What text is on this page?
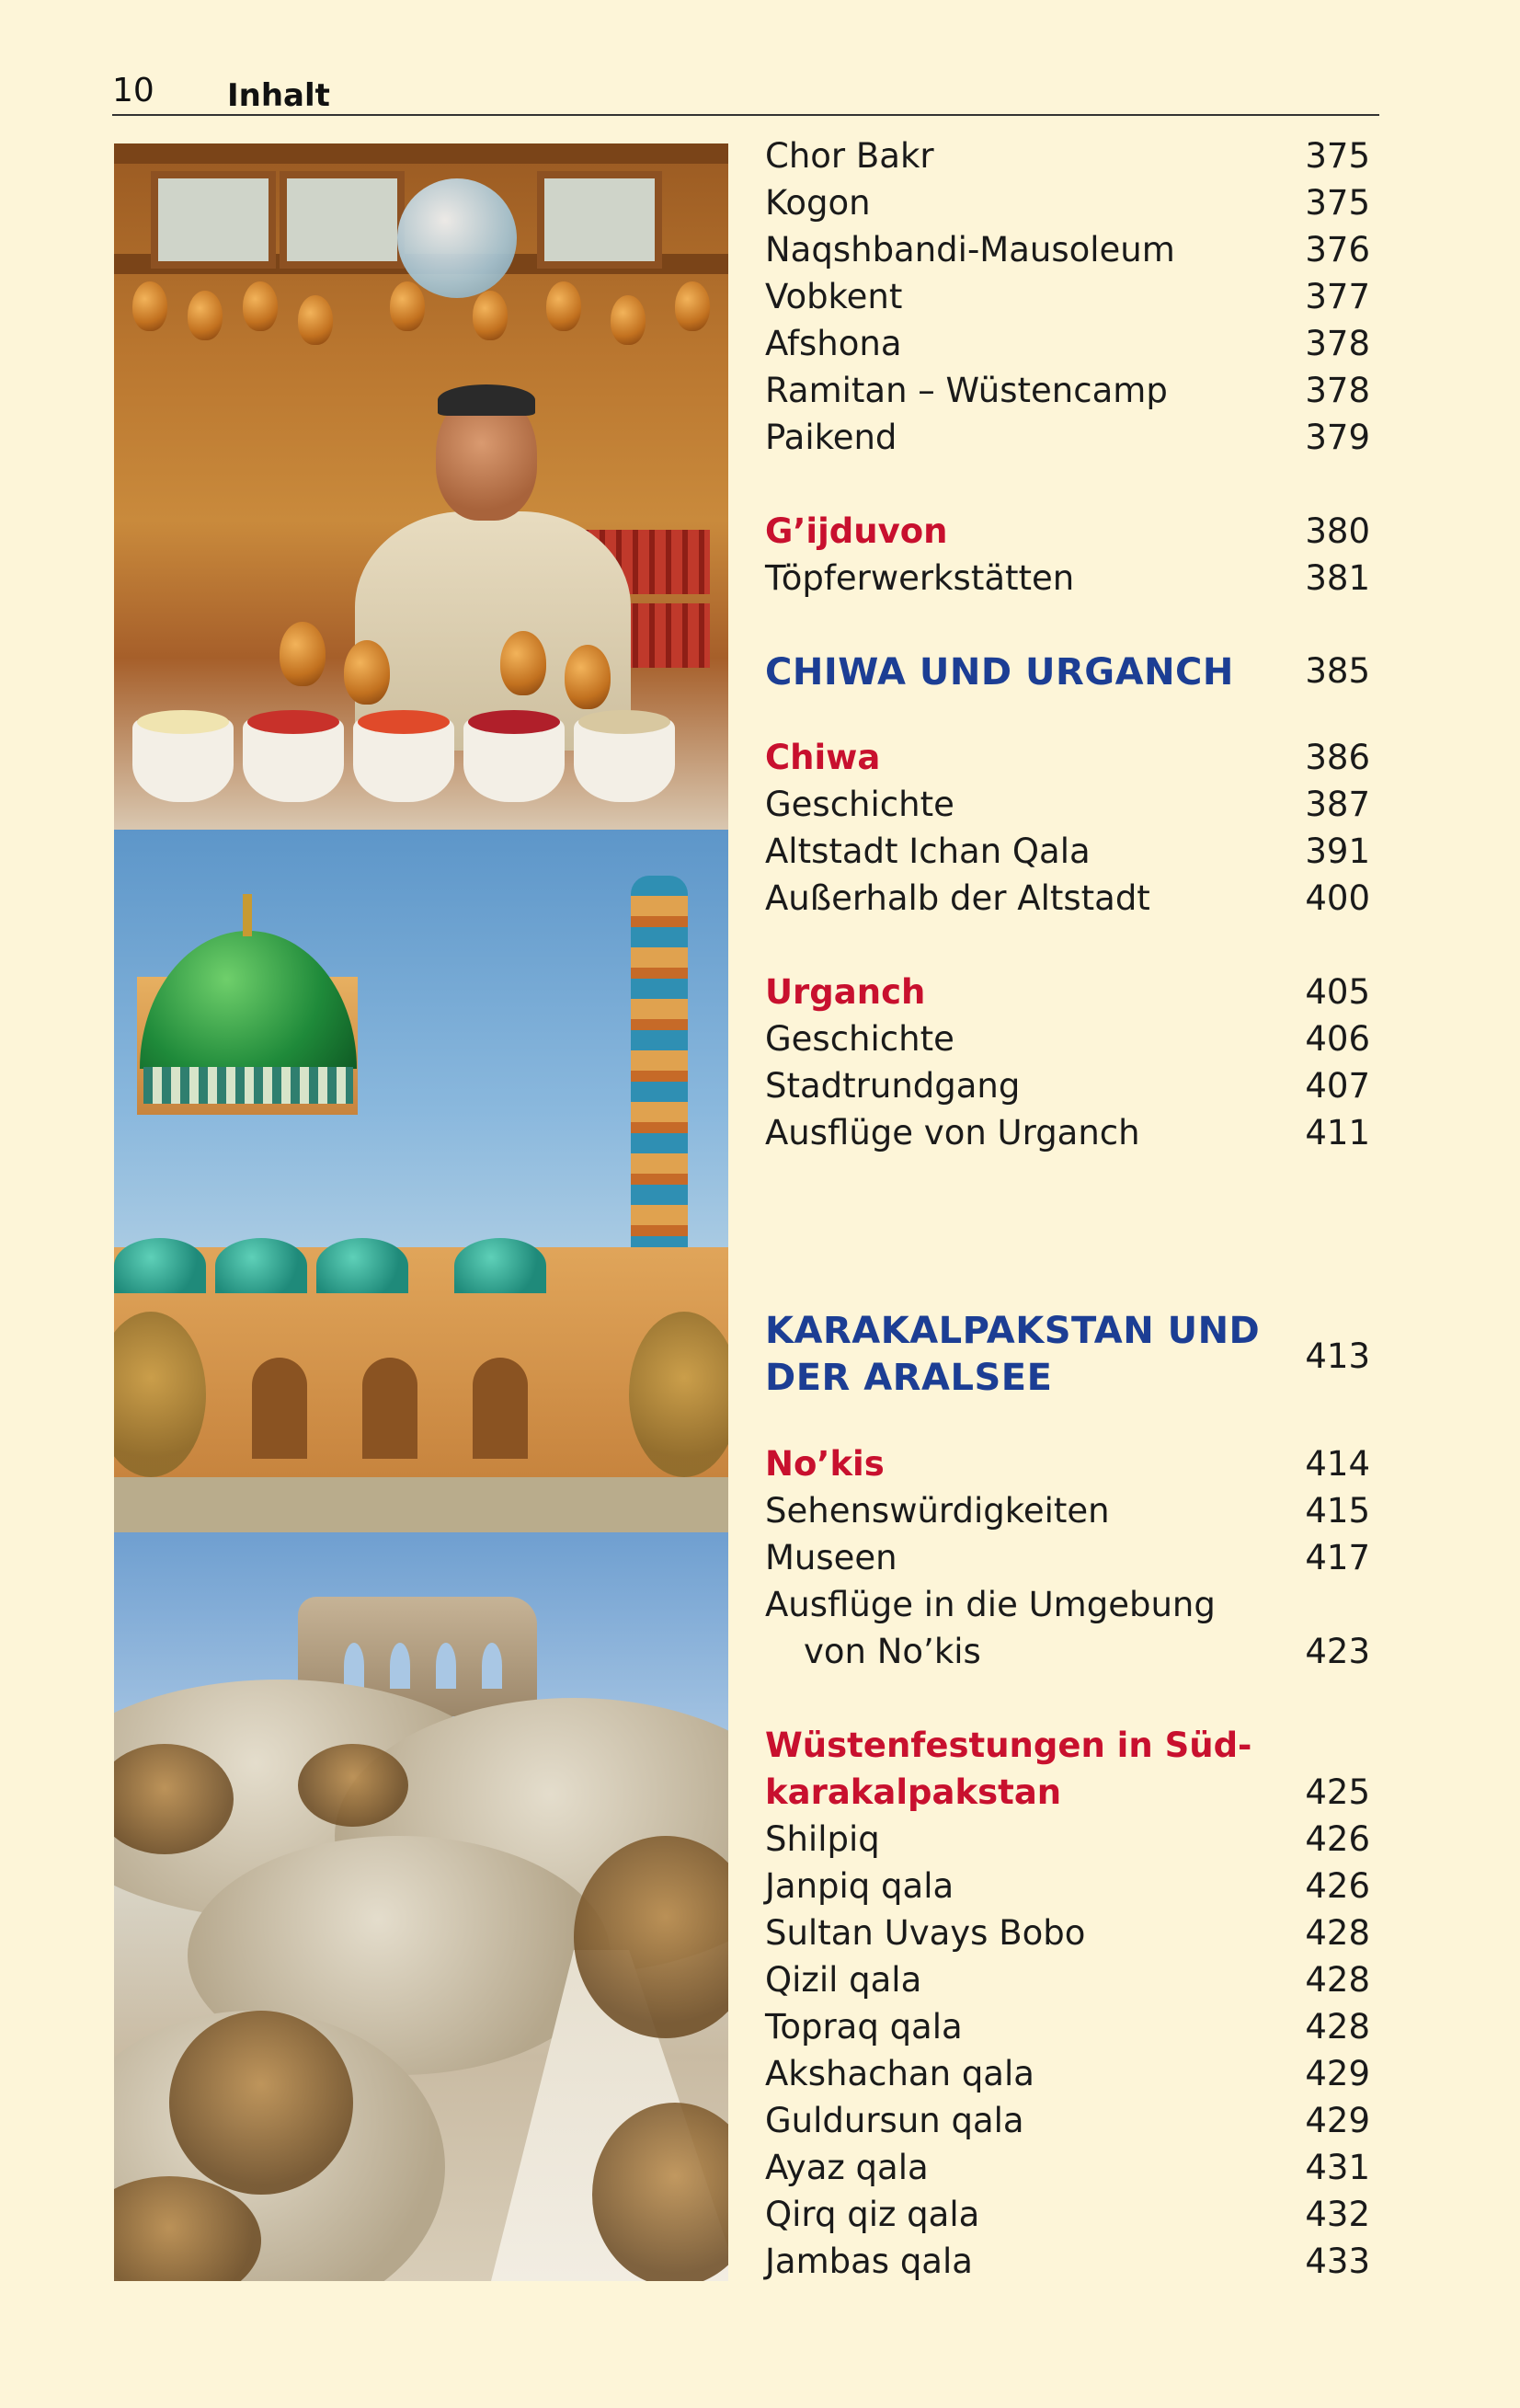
10 Inhalt
Chor Bakr	375
Kogon	375
Naqshbandi-Mausoleum	376
Vobkent	377
Afshona	378
Ramitan – Wüstencamp	378
Paikend	379
G’ijduvon	380
Töpferwerkstätten	381
CHIWA UND URGANCH 385
Chiwa	386
Geschichte	387
Altstadt Ichan Qala	391
Außerhalb der Altstadt	400
Urganch	405
Geschichte	406
Stadtrundgang	407
Ausflüge von Urganch	411
KARAKALPAKSTAN UND
DER ARALSEE
413
No’kis	414
Sehenswürdigkeiten	415
Museen	417
Ausflüge in die Umgebung
von No’kis	423
Wüstenfestungen in Süd-
karakalpakstan	425
Shilpiq	426
Janpiq qala	426
Sultan Uvays Bobo	428
Qizil qala	428
Topraq qala	428
Akshachan qala	429
Guldursun qala	429
Ayaz qala	431
Qirq qiz qala	432
Jambas qala	433
